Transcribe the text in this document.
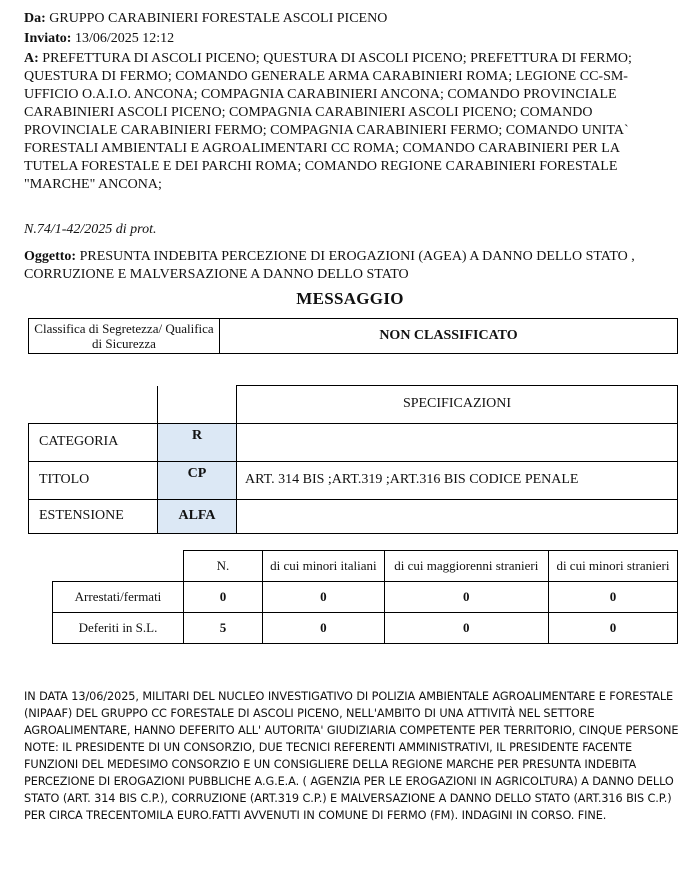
Da: GRUPPO CARABINIERI FORESTALE ASCOLI PICENO
Inviato: 13/06/2025 12:12
A: PREFETTURA DI ASCOLI PICENO; QUESTURA DI ASCOLI PICENO; PREFETTURA DI FERMO; QUESTURA DI FERMO; COMANDO GENERALE ARMA CARABINIERI ROMA; LEGIONE CC-SM-UFFICIO O.A.I.O. ANCONA; COMPAGNIA CARABINIERI ANCONA; COMANDO PROVINCIALE CARABINIERI ASCOLI PICENO; COMPAGNIA CARABINIERI ASCOLI PICENO; COMANDO PROVINCIALE CARABINIERI FERMO; COMPAGNIA CARABINIERI FERMO; COMANDO UNITA` FORESTALI AMBIENTALI E AGROALIMENTARI CC ROMA; COMANDO CARABINIERI PER LA TUTELA FORESTALE E DEI PARCHI ROMA; COMANDO REGIONE CARABINIERI FORESTALE "MARCHE" ANCONA;
N.74/1-42/2025 di prot.
Oggetto: PRESUNTA INDEBITA PERCEZIONE DI EROGAZIONI (AGEA) A DANNO DELLO STATO , CORRUZIONE E MALVERSAZIONE A DANNO DELLO STATO
MESSAGGIO
Classifica di Segretezza/ Qualifica di Sicurezza	NON CLASSIFICATO
		SPECIFICAZIONI
CATEGORIA	R	
TITOLO	CP	ART. 314 BIS ;ART.319 ;ART.316 BIS CODICE PENALE
ESTENSIONE	ALFA	
	N.	di cui minori italiani	di cui maggiorenni stranieri	di cui minori stranieri
Arrestati/fermati	0	0	0	0
Deferiti in S.L.	5	0	0	0
IN DATA 13/06/2025, MILITARI DEL NUCLEO INVESTIGATIVO DI POLIZIA AMBIENTALE AGROALIMENTARE E FORESTALE (NIPAAF) DEL GRUPPO CC FORESTALE DI ASCOLI PICENO, NELL'AMBITO DI UNA ATTIVITÀ NEL SETTORE AGROALIMENTARE, HANNO DEFERITO ALL' AUTORITA' GIUDIZIARIA COMPETENTE PER TERRITORIO, CINQUE PERSONE NOTE: IL PRESIDENTE DI UN CONSORZIO, DUE TECNICI REFERENTI AMMINISTRATIVI, IL PRESIDENTE FACENTE FUNZIONI DEL MEDESIMO CONSORZIO E UN CONSIGLIERE DELLA REGIONE MARCHE PER PRESUNTA INDEBITA PERCEZIONE DI EROGAZIONI PUBBLICHE A.G.E.A. ( AGENZIA PER LE EROGAZIONI IN AGRICOLTURA) A DANNO DELLO STATO (ART. 314 BIS C.P.), CORRUZIONE (ART.319 C.P.) E MALVERSAZIONE A DANNO DELLO STATO (ART.316 BIS C.P.) PER CIRCA TRECENTOMILA EURO.FATTI AVVENUTI IN COMUNE DI FERMO (FM). INDAGINI IN CORSO. FINE.
